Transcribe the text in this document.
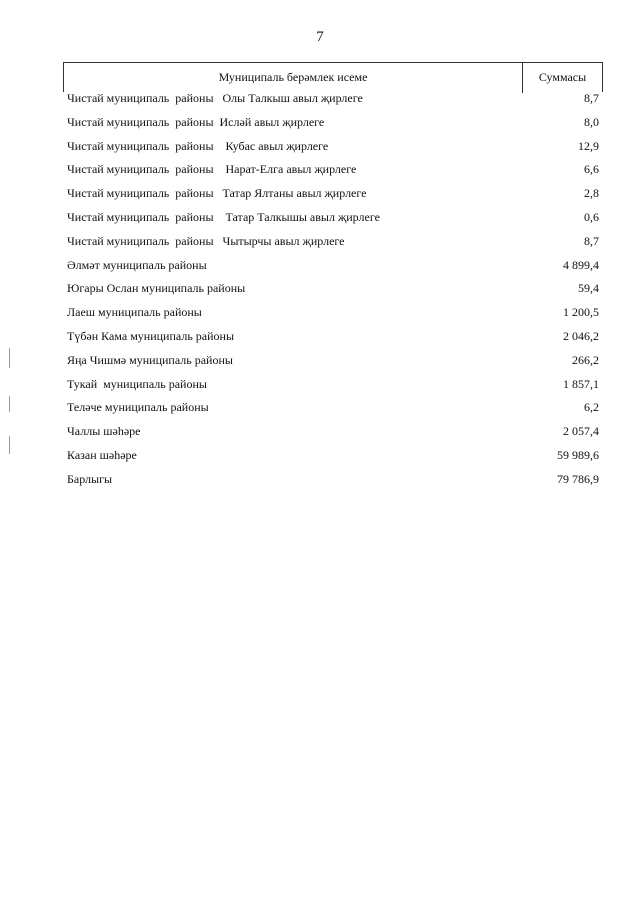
7
Муниципаль берәмлек исеме	Суммасы
Чистай муниципаль  районы   Олы Талкыш авыл җирлеге	8,7
Чистай муниципаль  районы  Исләй авыл җирлеге	8,0
Чистай муниципаль  районы    Кубас авыл җирлеге	12,9
Чистай муниципаль  районы    Нарат-Елга авыл җирлеге	6,6
Чистай муниципаль  районы   Татар Ялтаны авыл җирлеге	2,8
Чистай муниципаль  районы    Татар Талкышы авыл җирлеге	0,6
Чистай муниципаль  районы   Чытырчы авыл җирлеге	8,7
Әлмәт муниципаль районы	4 899,4
Югары Ослан муниципаль районы	59,4
Лаеш муниципаль районы	1 200,5
Түбән Кама муниципаль районы	2 046,2
Яңа Чишмә муниципаль районы	266,2
Тукай  муниципаль районы	1 857,1
Теләче муниципаль районы	6,2
Чаллы шәһәре	2 057,4
Казан шәһәре	59 989,6
Барлыгы	79 786,9
